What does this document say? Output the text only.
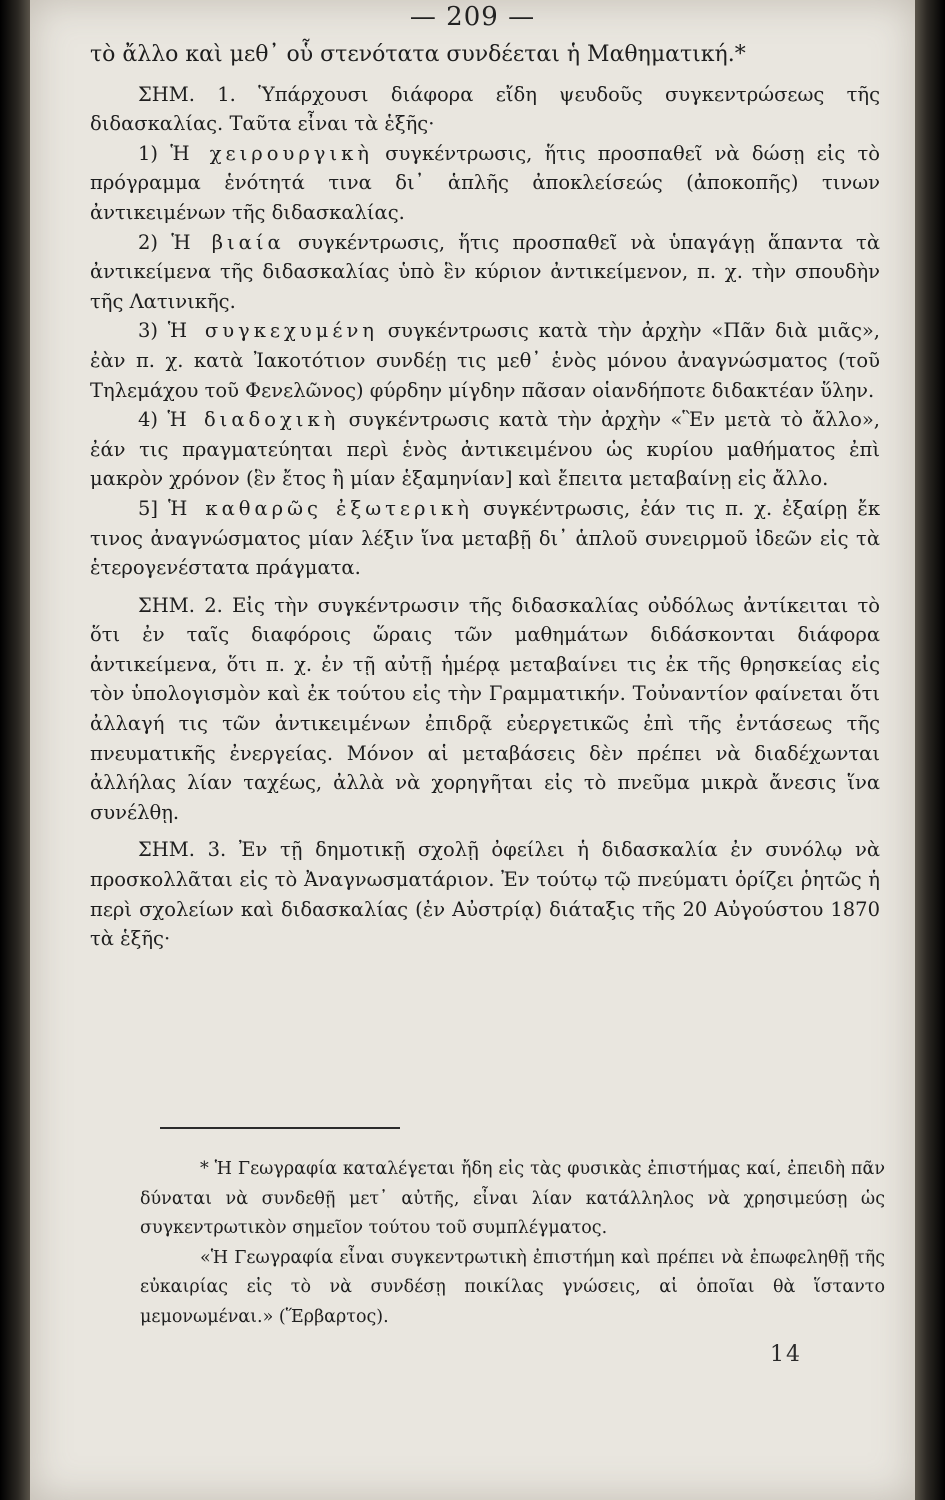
— 209 —

τὸ ἄλλο καὶ μεθ᾽ οὗ στενότατα συνδέεται ἡ Μαθηματική.*

ΣΗΜ. 1. Ὑπάρχουσι διάφορα εἴδη ψευδοῦς συγκεντρώσεως τῆς διδασκαλίας. Ταῦτα εἶναι τὰ ἑξῆς·

1) Ἡ χειρουργικὴ συγκέντρωσις, ἥτις προσπαθεῖ νὰ δώσῃ εἰς τὸ πρόγραμμα ἑνότητά τινα δι᾽ ἁπλῆς ἀποκλείσεώς (ἀποκοπῆς) τινων ἀντικειμένων τῆς διδασκαλίας.

2) Ἡ βιαία συγκέντρωσις, ἥτις προσπαθεῖ νὰ ὑπαγάγῃ ἅπαντα τὰ ἀντικείμενα τῆς διδασκαλίας ὑπὸ ἓν κύριον ἀντικείμενον, π. χ. τὴν σπουδὴν τῆς Λατινικῆς.

3) Ἡ συγκεχυμένη συγκέντρωσις κατὰ τὴν ἀρχὴν «Πᾶν διὰ μιᾶς», ἐὰν π. χ. κατὰ Ἰακοτότιον συνδέῃ τις μεθ᾽ ἑνὸς μόνου ἀναγνώσματος (τοῦ Τηλεμάχου τοῦ Φενελῶνος) φύρδην μίγδην πᾶσαν οἱανδήποτε διδακτέαν ὕλην.

4) Ἡ διαδοχικὴ συγκέντρωσις κατὰ τὴν ἀρχὴν «Ἓν μετὰ τὸ ἄλλο», ἐάν τις πραγματεύηται περὶ ἑνὸς ἀντικειμένου ὡς κυρίου μαθήματος ἐπὶ μακρὸν χρόνον (ἓν ἔτος ἢ μίαν ἑξαμηνίαν] καὶ ἔπειτα μεταβαίνῃ εἰς ἄλλο.

5] Ἡ καθαρῶς ἐξωτερικὴ συγκέντρωσις, ἐάν τις π. χ. ἐξαίρῃ ἔκ τινος ἀναγνώσματος μίαν λέξιν ἵνα μεταβῇ δι᾽ ἁπλοῦ συνειρμοῦ ἰδεῶν εἰς τὰ ἑτερογενέστατα πράγματα.

ΣΗΜ. 2. Εἰς τὴν συγκέντρωσιν τῆς διδασκαλίας οὐδόλως ἀντίκειται τὸ ὅτι ἐν ταῖς διαφόροις ὥραις τῶν μαθημάτων διδάσκονται διάφορα ἀντικείμενα, ὅτι π. χ. ἐν τῇ αὐτῇ ἡμέρᾳ μεταβαίνει τις ἐκ τῆς θρησκείας εἰς τὸν ὑπολογισμὸν καὶ ἐκ τούτου εἰς τὴν Γραμματικήν. Τοὐναντίον φαίνεται ὅτι ἀλλαγή τις τῶν ἀντικειμένων ἐπιδρᾷ εὐεργετικῶς ἐπὶ τῆς ἐντάσεως τῆς πνευματικῆς ἐνεργείας. Μόνον αἱ μεταβάσεις δὲν πρέπει νὰ διαδέχωνται ἀλλήλας λίαν ταχέως, ἀλλὰ νὰ χορηγῆται εἰς τὸ πνεῦμα μικρὰ ἄνεσις ἵνα συνέλθῃ.

ΣΗΜ. 3. Ἐν τῇ δημοτικῇ σχολῇ ὀφείλει ἡ διδασκαλία ἐν συνόλῳ νὰ προσκολλᾶται εἰς τὸ Ἀναγνωσματάριον. Ἐν τούτῳ τῷ πνεύματι ὁρίζει ῥητῶς ἡ περὶ σχολείων καὶ διδασκαλίας (ἐν Αὐστρίᾳ) διάταξις τῆς 20 Αὐγούστου 1870 τὰ ἑξῆς·

* Ἡ Γεωγραφία καταλέγεται ἤδη εἰς τὰς φυσικὰς ἐπιστήμας καί, ἐπειδὴ πᾶν δύναται νὰ συνδεθῇ μετ᾽ αὐτῆς, εἶναι λίαν κατάλληλος νὰ χρησιμεύσῃ ὡς συγκεντρωτικὸν σημεῖον τούτου τοῦ συμπλέγματος.

«Ἡ Γεωγραφία εἶναι συγκεντρωτικὴ ἐπιστήμη καὶ πρέπει νὰ ἐπωφεληθῇ τῆς εὐκαιρίας εἰς τὸ νὰ συνδέσῃ ποικίλας γνώσεις, αἱ ὁποῖαι θὰ ἵσταντο μεμονωμέναι.» (Ἕρβαρτος).

14
